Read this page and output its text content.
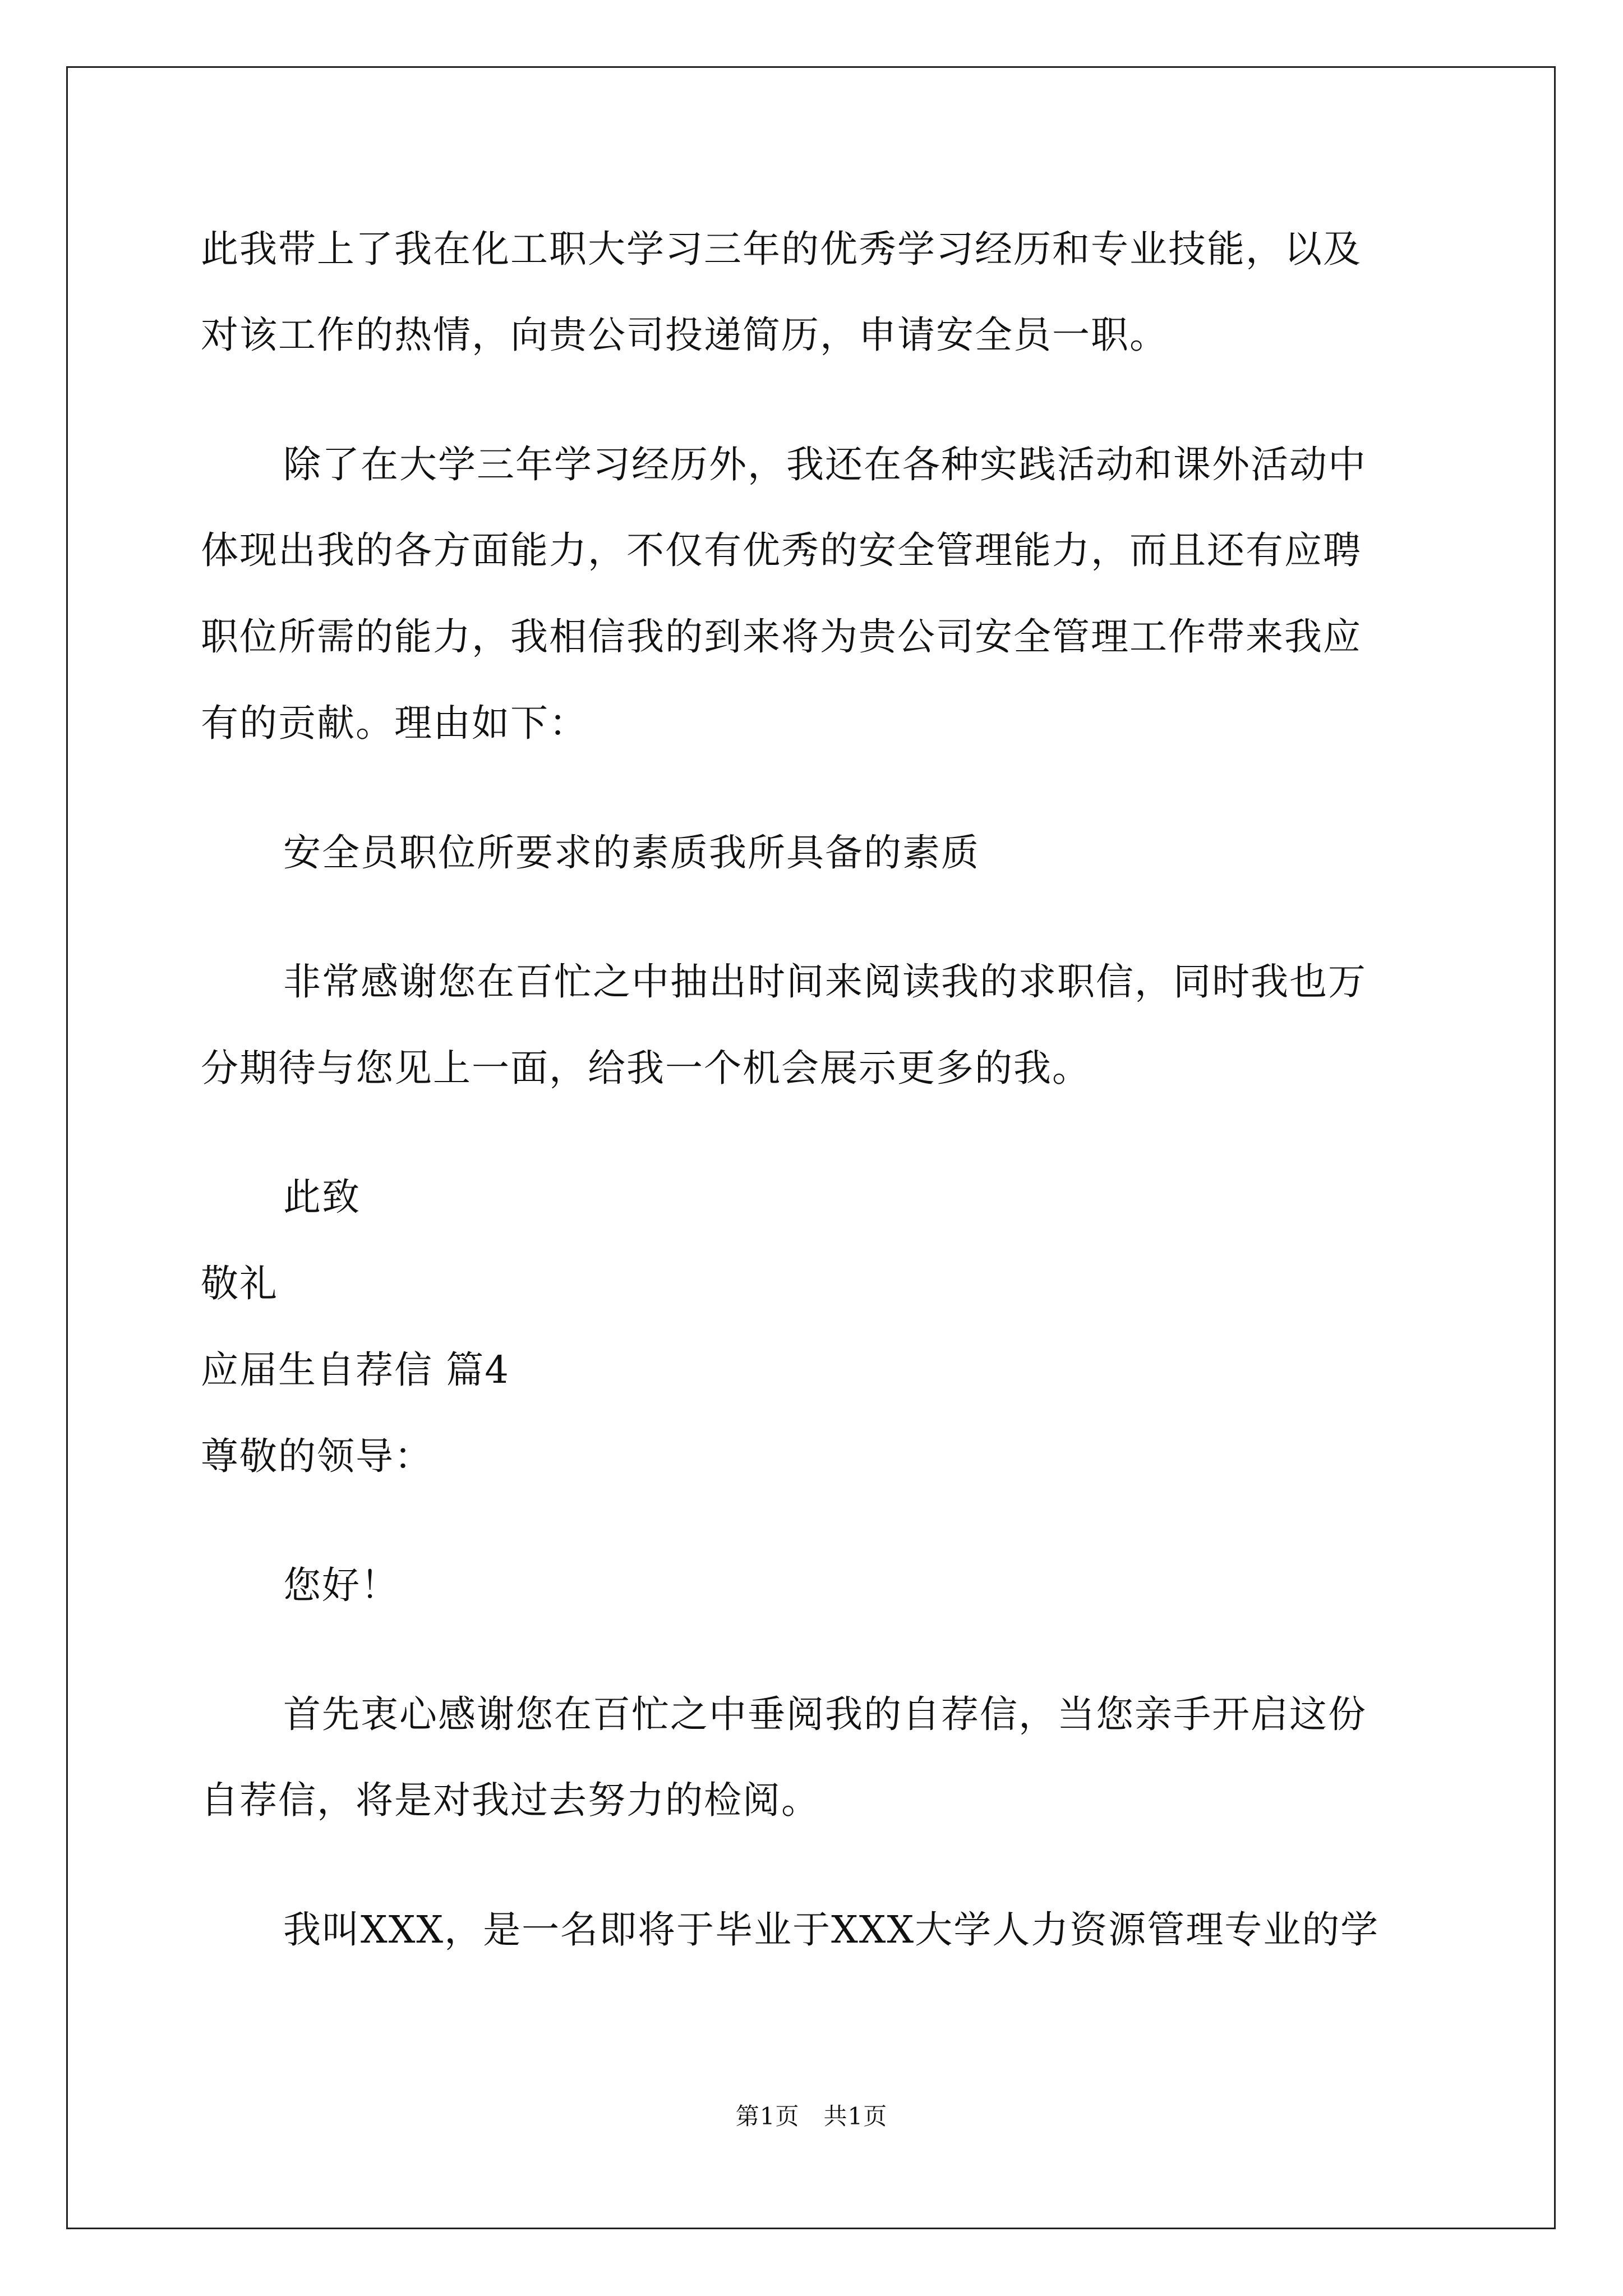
此我带上了我在化工职大学习三年的优秀学习经历和专业技能，以及
对该工作的热情，向贵公司投递简历，申请安全员一职。
除了在大学三年学习经历外，我还在各种实践活动和课外活动中
体现出我的各方面能力，不仅有优秀的安全管理能力，而且还有应聘
职位所需的能力，我相信我的到来将为贵公司安全管理工作带来我应
有的贡献。理由如下：
安全员职位所要求的素质我所具备的素质
非常感谢您在百忙之中抽出时间来阅读我的求职信，同时我也万
分期待与您见上一面，给我一个机会展示更多的我。
此致
敬礼
应届生自荐信 篇4
尊敬的领导：
您好！
首先衷心感谢您在百忙之中垂阅我的自荐信，当您亲手开启这份
自荐信，将是对我过去努力的检阅。
我叫XXX，是一名即将于毕业于XXX大学人力资源管理专业的学
第1页   共1页
